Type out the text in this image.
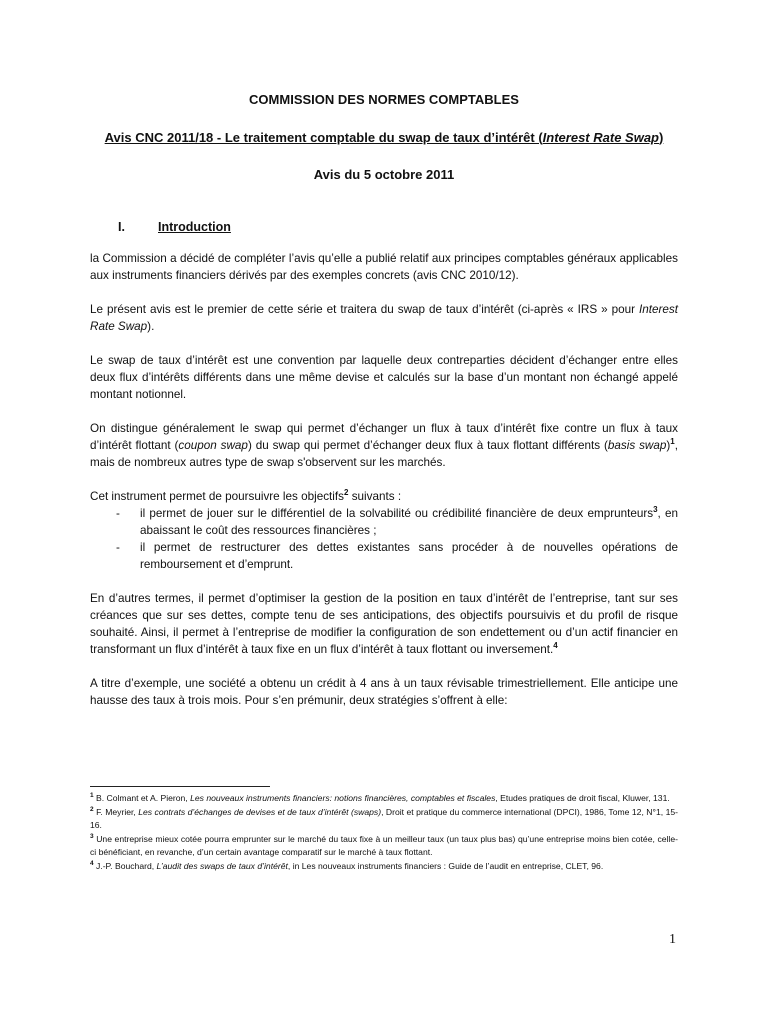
COMMISSION DES NORMES COMPTABLES
Avis CNC 2011/18 - Le traitement comptable du swap de taux d’intérêt (Interest Rate Swap)
Avis du 5 octobre 2011
I.	Introduction

la Commission a décidé de compléter l’avis qu’elle a publié relatif aux principes comptables généraux applicables aux instruments financiers dérivés par des exemples concrets (avis CNC 2010/12).

Le présent avis est le premier de cette série et traitera du swap de taux d’intérêt (ci-après « IRS » pour Interest Rate Swap).

Le swap de taux d’intérêt est une convention par laquelle deux contreparties décident d’échanger entre elles deux flux d’intérêts différents dans une même devise et calculés sur la base d’un montant non échangé appelé montant notionnel.

On distingue généralement le swap qui permet d’échanger un flux à taux d’intérêt fixe contre un flux à taux d’intérêt flottant (coupon swap) du swap qui permet d’échanger deux flux à taux flottant différents (basis swap)$^1$, mais de nombreux autres type de swap s'observent sur les marchés.

Cet instrument permet de poursuivre les objectifs$^2$ suivants :

-	il permet de jouer sur le différentiel de la solvabilité ou crédibilité financière de deux emprunteurs$^3$, en abaissant le coût des ressources financières ;
-	il permet de restructurer des dettes existantes sans procéder à de nouvelles opérations de remboursement et d’emprunt.

En d’autres termes, il permet d’optimiser la gestion de la position en taux d’intérêt de l’entreprise, tant sur ses créances que sur ses dettes, compte tenu de ses anticipations, des objectifs poursuivis et du profil de risque souhaité. Ainsi, il permet à l’entreprise de modifier la configuration de son endettement ou d’un actif financier en transformant un flux d’intérêt à taux fixe en un flux d’intérêt à taux flottant ou inversement.$^4$

A titre d’exemple, une société a obtenu un crédit à 4 ans à un taux révisable trimestriellement. Elle anticipe une hausse des taux à trois mois. Pour s’en prémunir, deux stratégies s’offrent à elle:

$^1$ B. Colmant et A. Pieron, Les nouveaux instruments financiers: notions financières, comptables et fiscales, Etudes pratiques de droit fiscal, Kluwer, 131.

$^2$ F. Meyrier, Les contrats d’échanges de devises et de taux d’intérêt (swaps), Droit et pratique du commerce international (DPCI), 1986, Tome 12, N°1, 15-16.

$^3$ Une entreprise mieux cotée pourra emprunter sur le marché du taux fixe à un meilleur taux (un taux plus bas) qu’une entreprise moins bien cotée, celle-ci bénéficiant, en revanche, d’un certain avantage comparatif sur le marché à taux flottant.

$^4$ J.-P. Bouchard, L’audit des swaps de taux d’intérêt, in Les nouveaux instruments financiers : Guide de l’audit en entreprise, CLET, 96.

1
